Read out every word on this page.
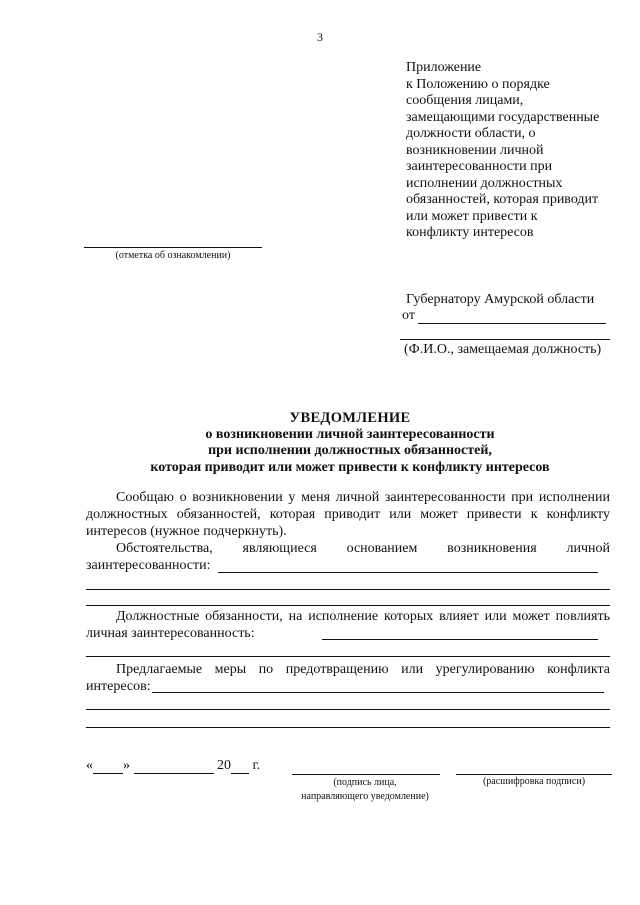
3
Приложение
к Положению о порядке
сообщения лицами,
замещающими государственные
должности области, о
возникновении личной
заинтересованности при
исполнении должностных
обязанностей, которая приводит
или может привести к
конфликту интересов
(отметка об ознакомлении)
Губернатору Амурской области
от
(Ф.И.О., замещаемая должность)
УВЕДОМЛЕНИЕ
о возникновении личной заинтересованности
при исполнении должностных обязанностей,
которая приводит или может привести к конфликту интересов
Сообщаю о возникновении у меня личной заинтересованности при исполнении должностных обязанностей, которая приводит или может привести к конфликту интересов (нужное подчеркнуть).
Обстоятельства, являющиеся основанием возникновения личной заинтересованности:
Должностные обязанности, на исполнение которых влияет или может повлиять личная заинтересованность:
Предлагаемые меры по предотвращению или урегулированию конфликта интересов:
« »	20 г.
(подпись лица,
направляющего уведомление)
(расшифровка подписи)
